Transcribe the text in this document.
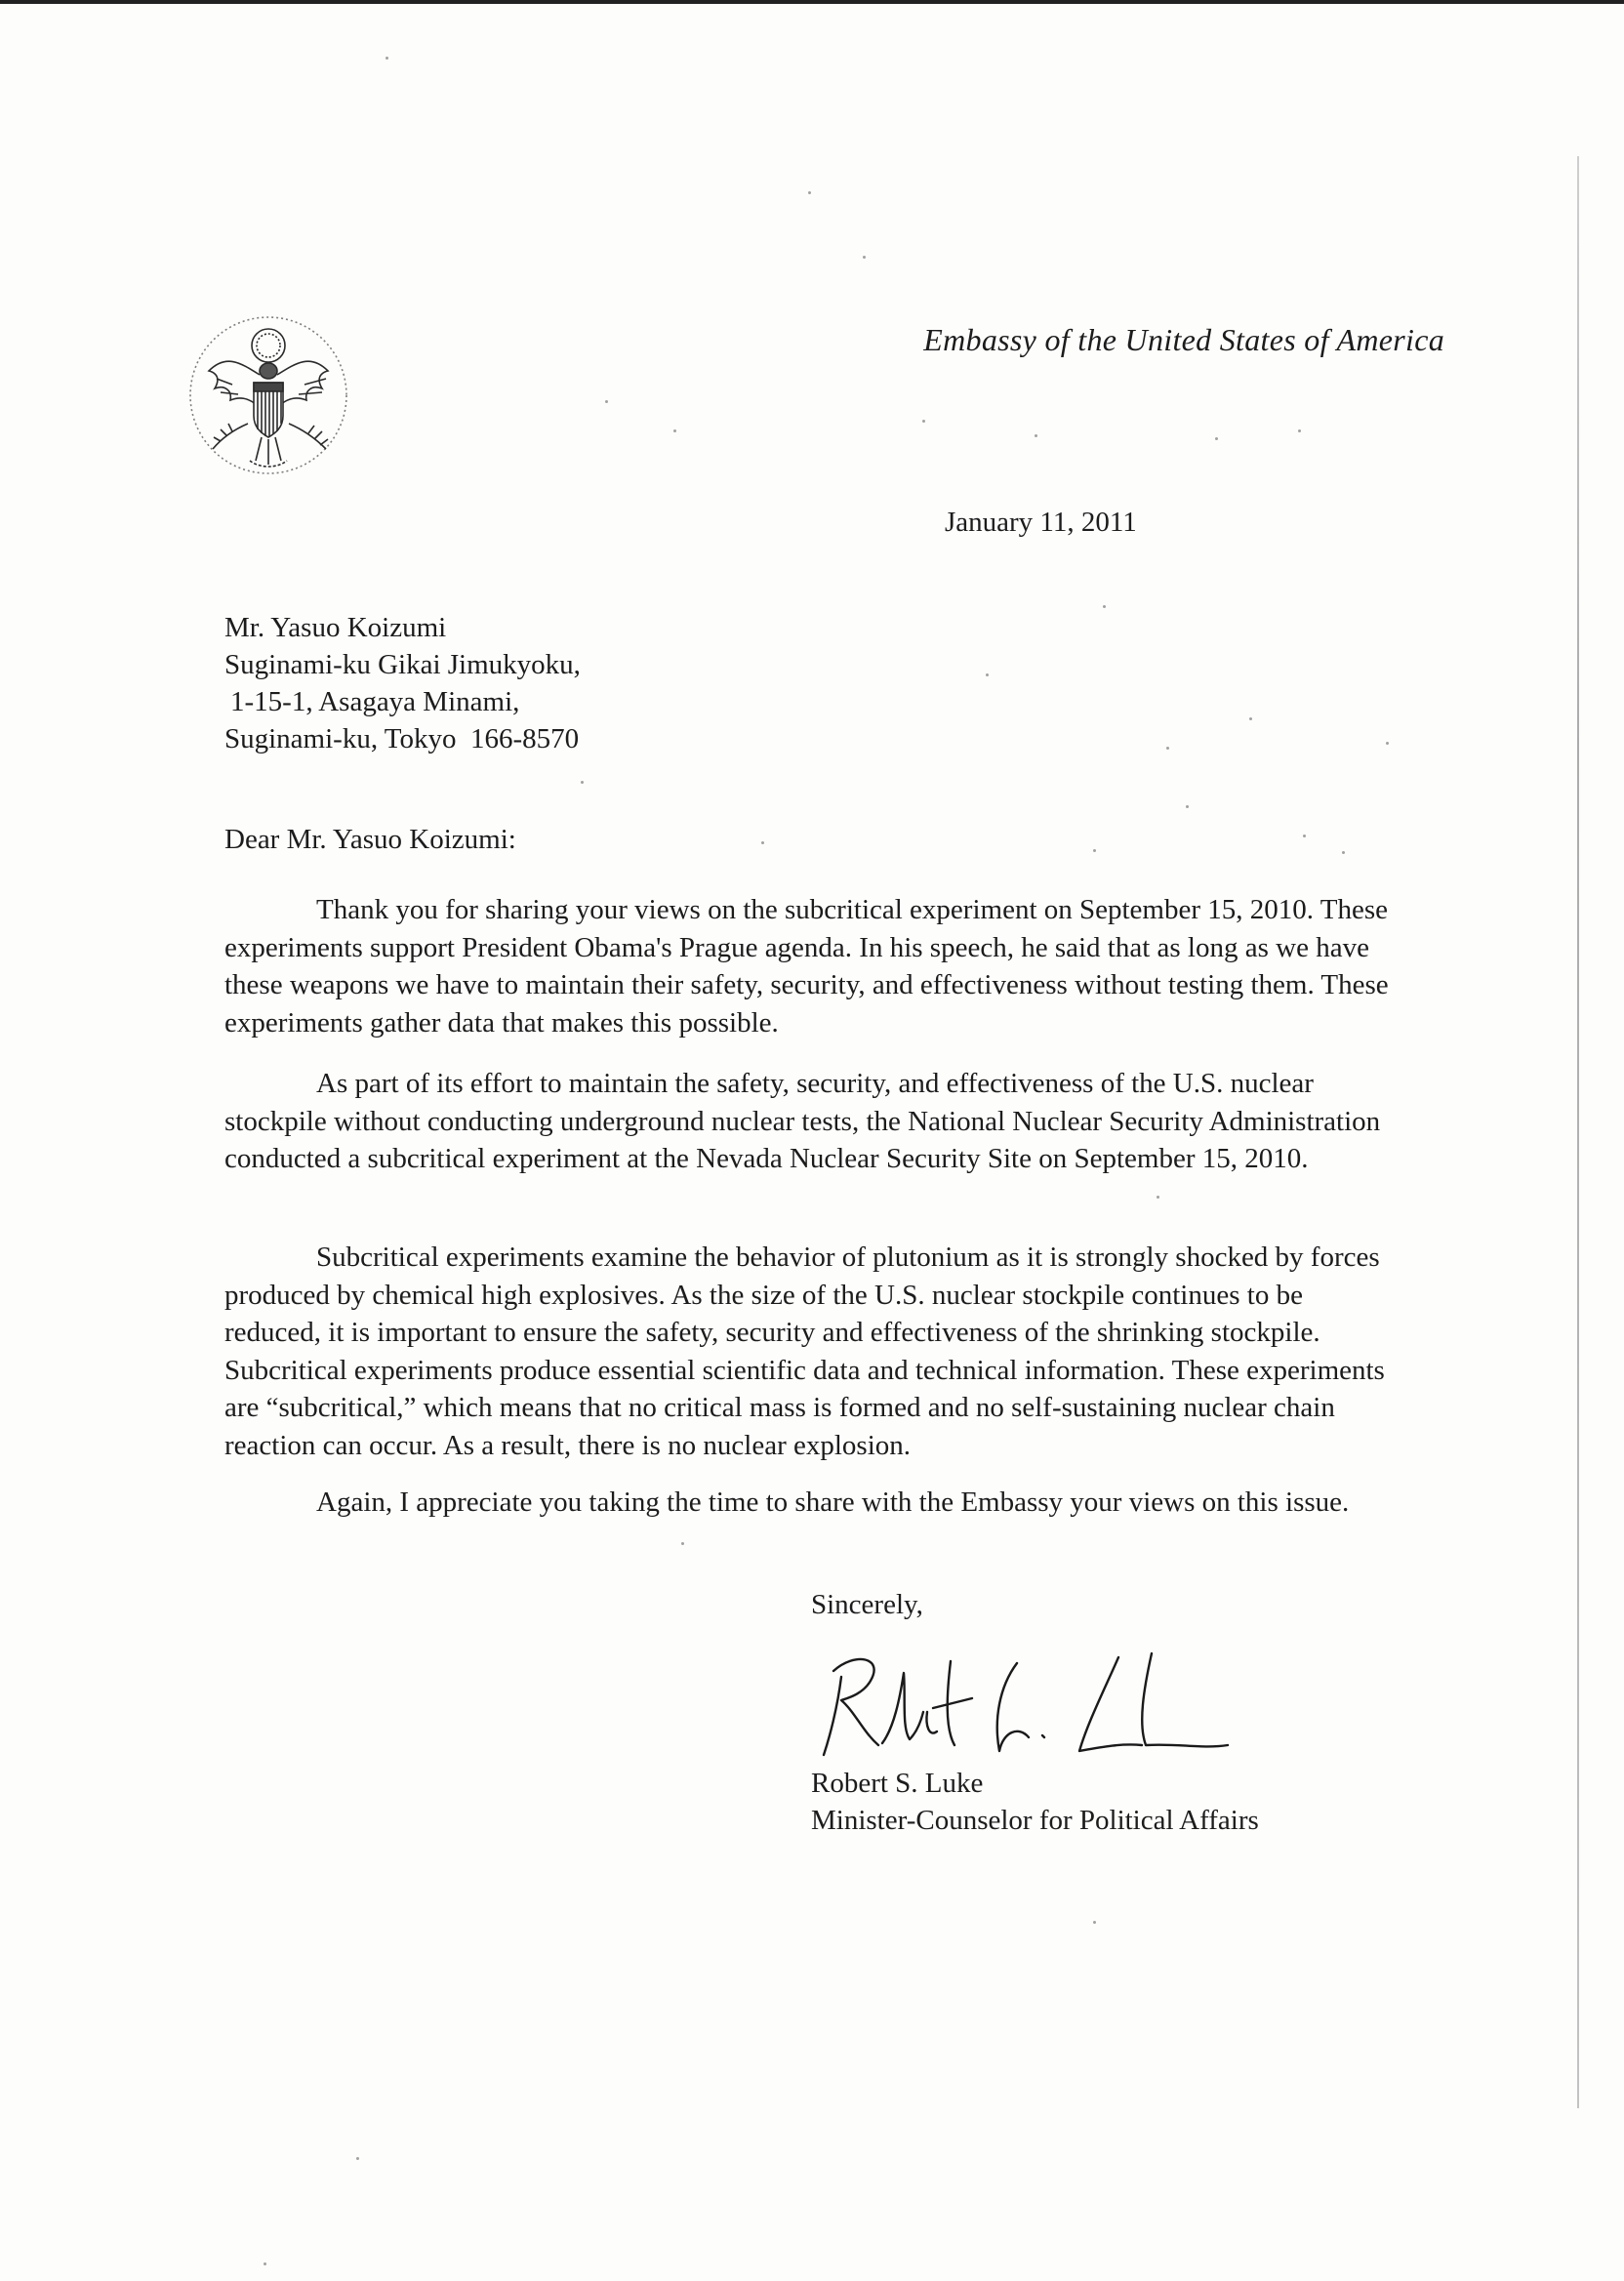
Embassy of the United States of America
January 11, 2011
Mr. Yasuo Koizumi
Suginami-ku Gikai Jimukyoku,
1-15-1, Asagaya Minami,
Suginami-ku, Tokyo  166-8570
Dear Mr. Yasuo Koizumi:

Thank you for sharing your views on the subcritical experiment on September 15, 2010. These experiments support President Obama's Prague agenda. In his speech, he said that as long as we have these weapons we have to maintain their safety, security, and effectiveness without testing them. These experiments gather data that makes this possible.

As part of its effort to maintain the safety, security, and effectiveness of the U.S. nuclear stockpile without conducting underground nuclear tests, the National Nuclear Security Administration conducted a subcritical experiment at the Nevada Nuclear Security Site on September 15, 2010.

Subcritical experiments examine the behavior of plutonium as it is strongly shocked by forces produced by chemical high explosives. As the size of the U.S. nuclear stockpile continues to be reduced, it is important to ensure the safety, security and effectiveness of the shrinking stockpile. Subcritical experiments produce essential scientific data and technical information. These experiments are “subcritical,” which means that no critical mass is formed and no self-sustaining nuclear chain reaction can occur. As a result, there is no nuclear explosion.

Again, I appreciate you taking the time to share with the Embassy your views on this issue.

Sincerely,
Robert S. Luke
Minister-Counselor for Political Affairs
